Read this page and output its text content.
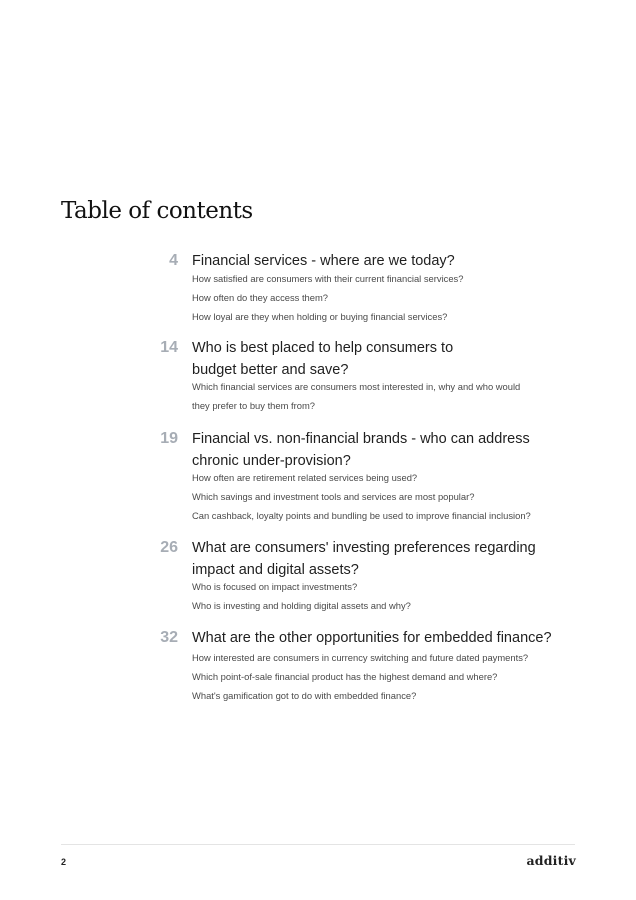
Table of contents
4 Financial services - where are we today?
How satisfied are consumers with their current financial services?
How often do they access them?
How loyal are they when holding or buying financial services?
14 Who is best placed to help consumers to budget better and save?
Which financial services are consumers most interested in, why and who would
they prefer to buy them from?
19 Financial vs. non-financial brands - who can address chronic under-provision?
How often are retirement related services being used?
Which savings and investment tools and services are most popular?
Can cashback, loyalty points and bundling be used to improve financial inclusion?
26 What are consumers' investing preferences regarding impact and digital assets?
Who is focused on impact investments?
Who is investing and holding digital assets and why?
32 What are the other opportunities for embedded finance?
How interested are consumers in currency switching and future dated payments?
Which point-of-sale financial product has the highest demand and where?
What's gamification got to do with embedded finance?
2	additiv
